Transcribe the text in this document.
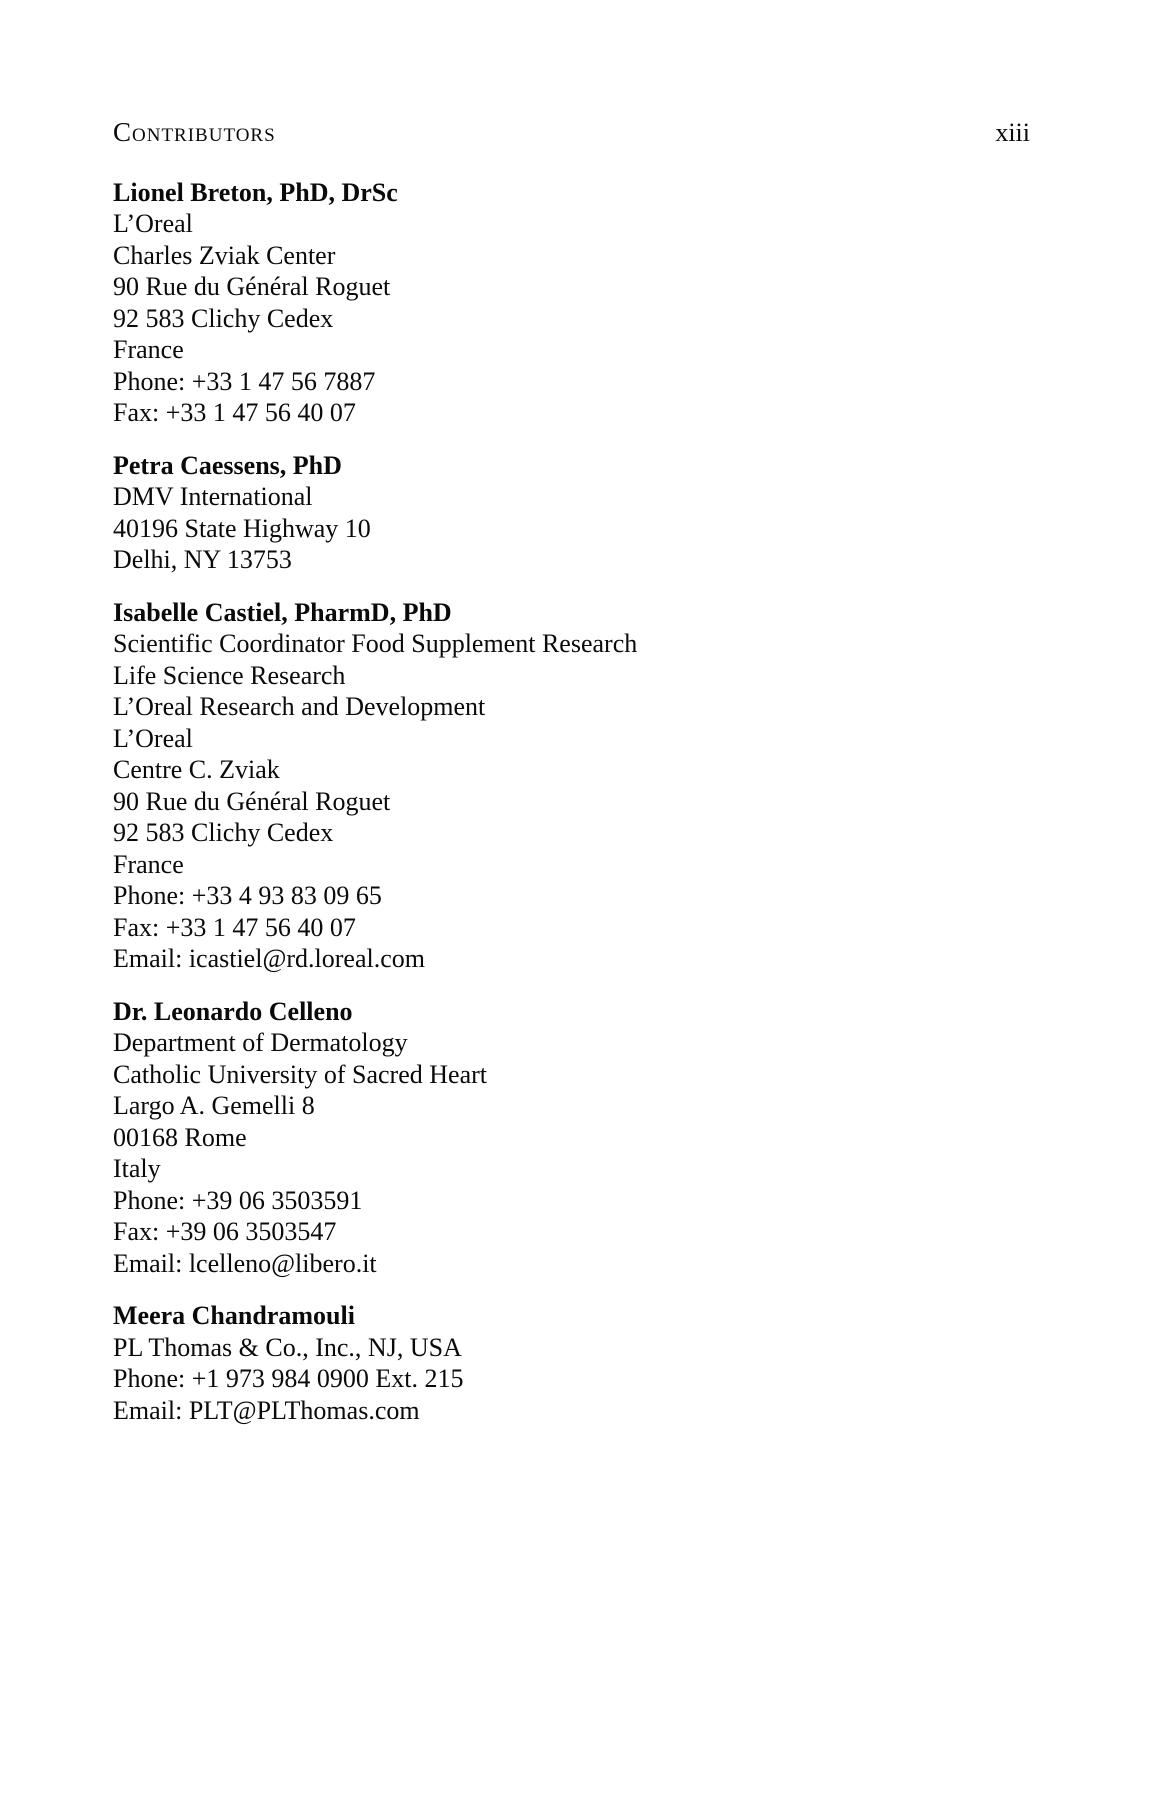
Contributors	xiii
Lionel Breton, PhD, DrSc
L’Oreal
Charles Zviak Center
90 Rue du Général Roguet
92 583 Clichy Cedex
France
Phone: +33 1 47 56 7887
Fax: +33 1 47 56 40 07
Petra Caessens, PhD
DMV International
40196 State Highway 10
Delhi, NY 13753
Isabelle Castiel, PharmD, PhD
Scientific Coordinator Food Supplement Research
Life Science Research
L’Oreal Research and Development
L’Oreal
Centre C. Zviak
90 Rue du Général Roguet
92 583 Clichy Cedex
France
Phone: +33 4 93 83 09 65
Fax: +33 1 47 56 40 07
Email: icastiel@rd.loreal.com
Dr. Leonardo Celleno
Department of Dermatology
Catholic University of Sacred Heart
Largo A. Gemelli 8
00168 Rome
Italy
Phone: +39 06 3503591
Fax: +39 06 3503547
Email: lcelleno@libero.it
Meera Chandramouli
PL Thomas & Co., Inc., NJ, USA
Phone: +1 973 984 0900 Ext. 215
Email: PLT@PLThomas.com
